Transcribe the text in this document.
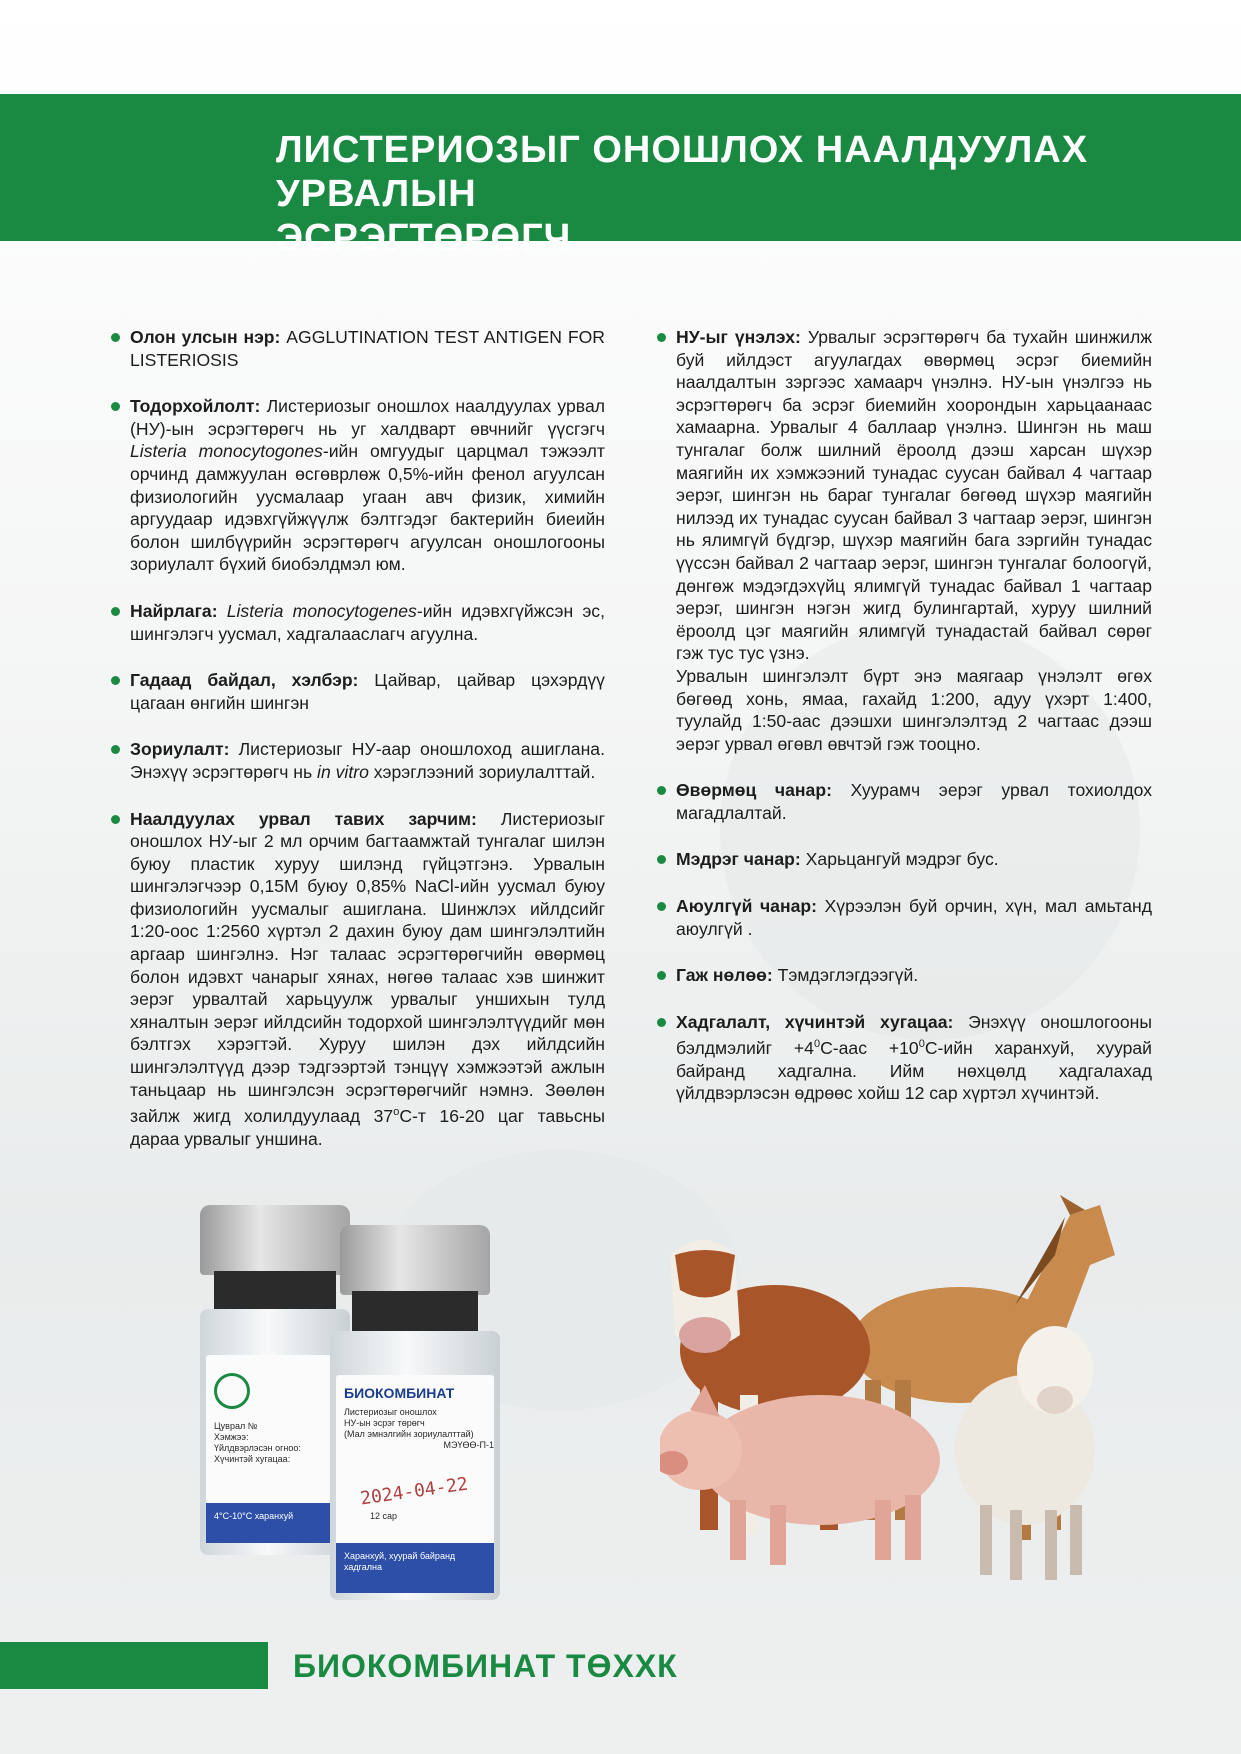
ЛИСТЕРИОЗЫГ ОНОШЛОХ НААЛДУУЛАХ УРВАЛЫН
ЭСРЭГТӨРӨГЧ

Олон улсын нэр: AGGLUTINATION TEST ANTIGEN FOR LISTERIOSIS

Тодорхойлолт: Листериозыг оношлох наалдуулах урвал (НУ)-ын эсрэгтөрөгч нь уг халдварт өвчнийг үүсгэгч Listeria monocytogones-ийн омгуудыг царцмал тэжээлт орчинд дамжуулан өсгөврлөж 0,5%-ийн фенол агуулсан физиологийн уусмалаар угаан авч физик, химийн аргуудаар идэвхгүйжүүлж бэлтгэдэг бактерийн биеийн болон шилбүүрийн эсрэгтөрөгч агуулсан оношлогооны зориулалт бүхий биобэлдмэл юм.

Найрлага: Listeria monocytogenes-ийн идэвхгүйжсэн эс, шингэлэгч уусмал, хадгалааслагч агуулна.

Гадаад байдал, хэлбэр: Цайвар, цайвар цэхэрдүү цагаан өнгийн шингэн

Зориулалт: Листериозыг НУ-аар оношлоход ашиглана. Энэхүү эсрэгтөрөгч нь in vitro хэрэглээний зориулалттай.

Наалдуулах урвал тавих зарчим: Листериозыг оношлох НУ-ыг 2 мл орчим багтаамжтай тунгалаг шилэн буюу пластик хуруу шилэнд гүйцэтгэнэ. Урвалын шингэлэгчээр 0,15М буюу 0,85% NaCl-ийн уусмал буюу физиологийн уусмалыг ашиглана. Шинжлэх ийлдсийг 1:20-оос 1:2560 хүртэл 2 дахин буюу дам шингэлэлтийн аргаар шингэлнэ. Нэг талаас эсрэгтөрөгчийн өвөрмөц болон идэвхт чанарыг хянах, нөгөө талаас хэв шинжит эерэг урвалтай харьцуулж урвалыг уншихын тулд хяналтын эерэг ийлдсийн тодорхой шингэлэлтүүдийг мөн бэлтгэх хэрэгтэй. Хуруу шилэн дэх ийлдсийн шингэлэлтүүд дээр тэдгээртэй тэнцүү хэмжээтэй ажлын таньцаар нь шингэлсэн эсрэгтөрөгчийг нэмнэ. Зөөлөн зайлж жигд холилдуулаад $37^оС-т$ 16-20 цаг тавьсны дараа урвалыг уншина.

НУ-ыг үнэлэх: Урвалыг эсрэгтөрөгч ба тухайн шинжилж буй ийлдэст агуулагдах өвөрмөц эсрэг биемийн наалдалтын зэргээс хамаарч үнэлнэ. НУ-ын үнэлгээ нь эсрэгтөрөгч ба эсрэг биемийн хоорондын харьцаанаас хамаарна. Урвалыг 4 баллаар үнэлнэ. Шингэн нь маш тунгалаг болж шилний ёроолд дээш харсан шүхэр маягийн их хэмжээний тунадас суусан байвал 4 чагтаар эерэг, шингэн нь бараг тунгалаг бөгөөд шүхэр маягийн нилээд их тунадас суусан байвал 3 чагтаар эерэг, шингэн нь ялимгүй бүдгэр, шүхэр маягийн бага зэргийн тунадас үүссэн байвал 2 чагтаар эерэг, шингэн тунгалаг болоогүй, дөнгөж мэдэгдэхүйц ялимгүй тунадас байвал 1 чагтаар эерэг, шингэн нэгэн жигд булингартай, хуруу шилний ёроолд цэг маягийн ялимгүй тунадастай байвал сөрөг гэж тус тус үзнэ.

Урвалын шингэлэлт бүрт энэ маягаар үнэлэлт өгөх бөгөөд хонь, ямаа, гахайд 1:200, адуу үхэрт 1:400, туулайд 1:50-аас дээшхи шингэлэлтэд 2 чагтаас дээш эерэг урвал өгөвл өвчтэй гэж тооцно.

Өвөрмөц чанар: Хуурамч эерэг урвал тохиолдох магадлалтай.

Мэдрэг чанар: Харьцангуй мэдрэг бус.

Аюулгүй чанар: Хүрээлэн буй орчин, хүн, мал амьтанд аюулгүй .

Гаж нөлөө: Тэмдэглэгдээгүй.

Хадгалалт, хүчинтэй хугацаа: Энэхүү оношлогооны бэлдмэлийг $+4^0С$-аас $+10^0С$-ийн харанхуй, хуурай байранд хадгална. Ийм нөхцөлд хадгалахад үйлдвэрлэсэн өдрөөс хойш 12 сар хүртэл хүчинтэй.

Цуврал №
Хэмжээ:
Үйлдвэрлэсэн огноо:
Хүчинтэй хугацаа:
4°С-10°С харанхуй
БИОКОМБИНАТ
Листериозыг оношлох
НУ-ын эсрэг төрөгч
(Мал эмнэлгийн зориулалттай)
МЭҮӨӨ-П-1
2024-04-22
12 сар
Харанхуй, хуурай байранд хадгална
БИОКОМБИНАТ ТӨХХК
